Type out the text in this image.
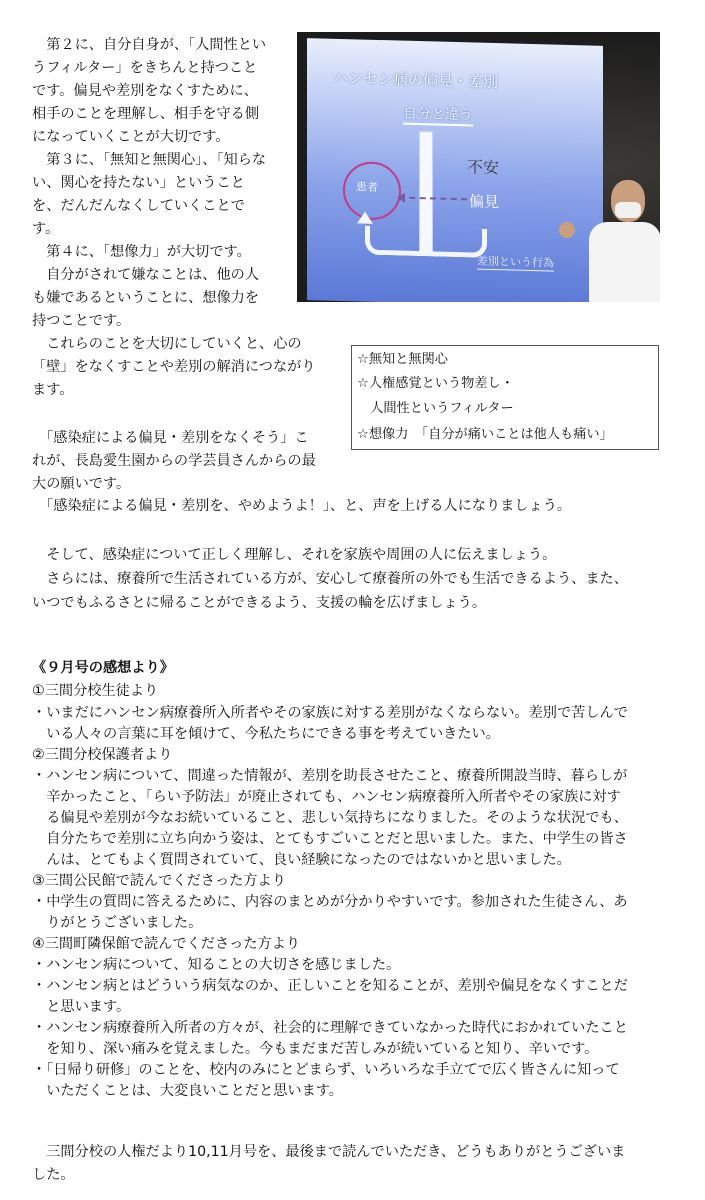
　第２に、自分自身が、「人間性とい
うフィルター」をきちんと持つこと
です。偏見や差別をなくすために、
相手のことを理解し、相手を守る側
になっていくことが大切です。
　第３に、「無知と無関心」、「知らな
い、関心を持たない」ということ
を、だんだんなくしていくことで
す。
　第４に、「想像力」が大切です。
　自分がされて嫌なことは、他の人
も嫌であるということに、想像力を
持つことです。
　これらのことを大切にしていくと、心の
「壁」をなくすことや差別の解消につながり
ます。
ハンセン病の偏見・差別
自分と違う
患者
不安
偏見
差別という行為
☆無知と無関心
☆人権感覚という物差し・
　人間性というフィルター
☆想像力　「自分が痛いことは他人も痛い」
　「感染症による偏見・差別をなくそう」こ
れが、長島愛生園からの学芸員さんからの最
大の願いです。
　「感染症による偏見・差別を、やめようよ！」、と、声を上げる人になりましょう。
　そして、感染症について正しく理解し、それを家族や周囲の人に伝えましょう。
　さらには、療養所で生活されている方が、安心して療養所の外でも生活できるよう、また、
いつでもふるさとに帰ることができるよう、支援の輪を広げましょう。
《９月号の感想より》
①三間分校生徒より
・いまだにハンセン病療養所入所者やその家族に対する差別がなくならない。差別で苦しんで
　いる人々の言葉に耳を傾けて、今私たちにできる事を考えていきたい。
②三間分校保護者より
・ハンセン病について、間違った情報が、差別を助長させたこと、療養所開設当時、暮らしが
　辛かったこと、「らい予防法」が廃止されても、ハンセン病療養所入所者やその家族に対す
　る偏見や差別が今なお続いていること、悲しい気持ちになりました。そのような状況でも、
　自分たちで差別に立ち向かう姿は、とてもすごいことだと思いました。また、中学生の皆さ
　んは、とてもよく質問されていて、良い経験になったのではないかと思いました。
③三間公民館で読んでくださった方より
・中学生の質問に答えるために、内容のまとめが分かりやすいです。参加された生徒さん、あ
　りがとうございました。
④三間町隣保館で読んでくださった方より
・ハンセン病について、知ることの大切さを感じました。
・ハンセン病とはどういう病気なのか、正しいことを知ることが、差別や偏見をなくすことだ
　と思います。
・ハンセン病療養所入所者の方々が、社会的に理解できていなかった時代におかれていたこと
　を知り、深い痛みを覚えました。今もまだまだ苦しみが続いていると知り、辛いです。
・「日帰り研修」のことを、校内のみにとどまらず、いろいろな手立てで広く皆さんに知って
　いただくことは、大変良いことだと思います。
　三間分校の人権だより10,11月号を、最後まで読んでいただき、どうもありがとうございま
した。
